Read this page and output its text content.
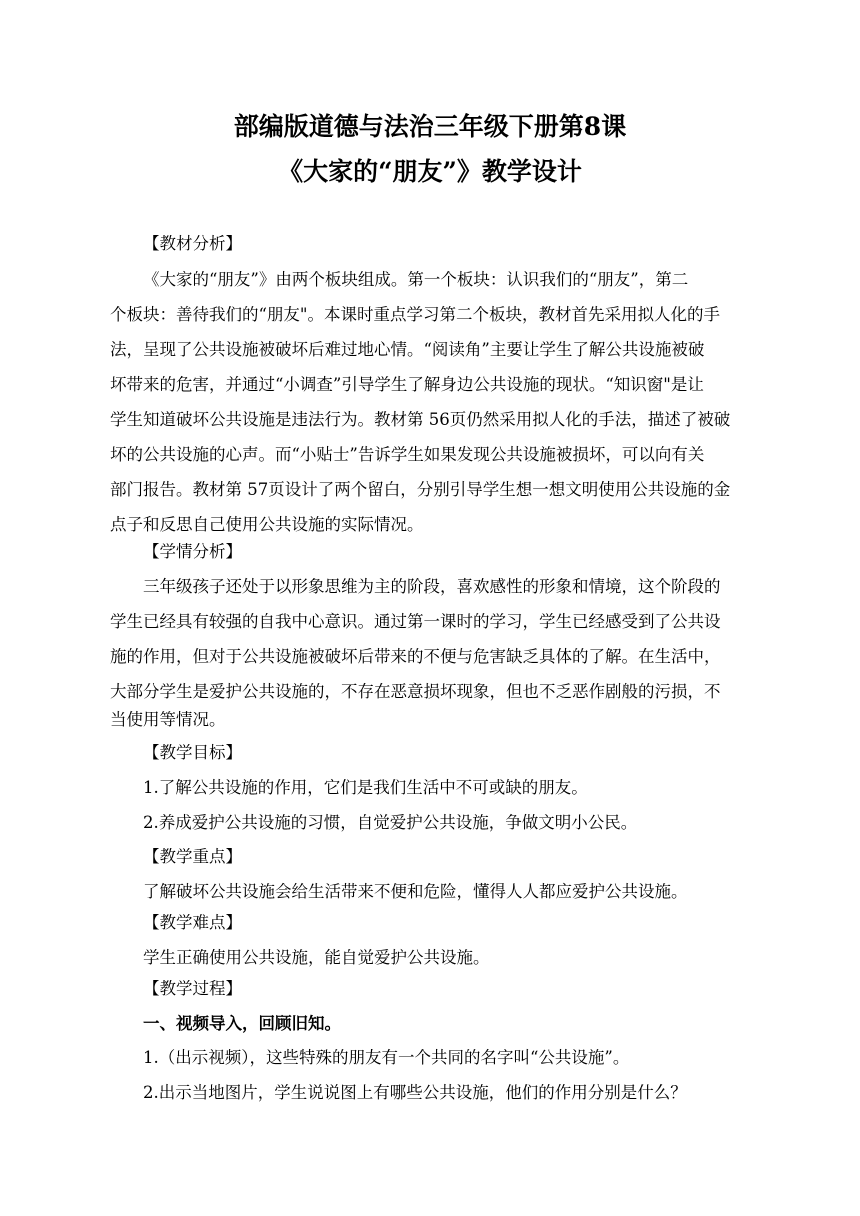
部编版道德与法治三年级下册第8课
《大家的“朋友”》教学设计
【教材分析】
《大家的“朋友”》由两个板块组成。第一个板块：认识我们的“朋友”，第二
个板块：善待我们的“朋友"。本课时重点学习第二个板块，教材首先采用拟人化的手
法，呈现了公共设施被破坏后难过地心情。“阅读角”主要让学生了解公共设施被破
坏带来的危害，并通过“小调查”引导学生了解身边公共设施的现状。“知识窗"是让
学生知道破坏公共设施是违法行为。教材第 56页仍然采用拟人化的手法，描述了被破
坏的公共设施的心声。而“小贴士”告诉学生如果发现公共设施被损坏，可以向有关
部门报告。教材第 57页设计了两个留白，分别引导学生想一想文明使用公共设施的金
点子和反思自己使用公共设施的实际情况。
【学情分析】
三年级孩子还处于以形象思维为主的阶段，喜欢感性的形象和情境，这个阶段的
学生已经具有较强的自我中心意识。通过第一课时的学习，学生已经感受到了公共设
施的作用，但对于公共设施被破坏后带来的不便与危害缺乏具体的了解。在生活中，
大部分学生是爱护公共设施的，不存在恶意损坏现象，但也不乏恶作剧般的污损，不
当使用等情况。
【教学目标】
1.了解公共设施的作用，它们是我们生活中不可或缺的朋友。
2.养成爱护公共设施的习惯，自觉爱护公共设施，争做文明小公民。
【教学重点】
了解破坏公共设施会给生活带来不便和危险，懂得人人都应爱护公共设施。
【教学难点】
学生正确使用公共设施，能自觉爱护公共设施。
【教学过程】
一、视频导入，回顾旧知。
1.（出示视频），这些特殊的朋友有一个共同的名字叫“公共设施”。
2.出示当地图片，学生说说图上有哪些公共设施，他们的作用分别是什么？
